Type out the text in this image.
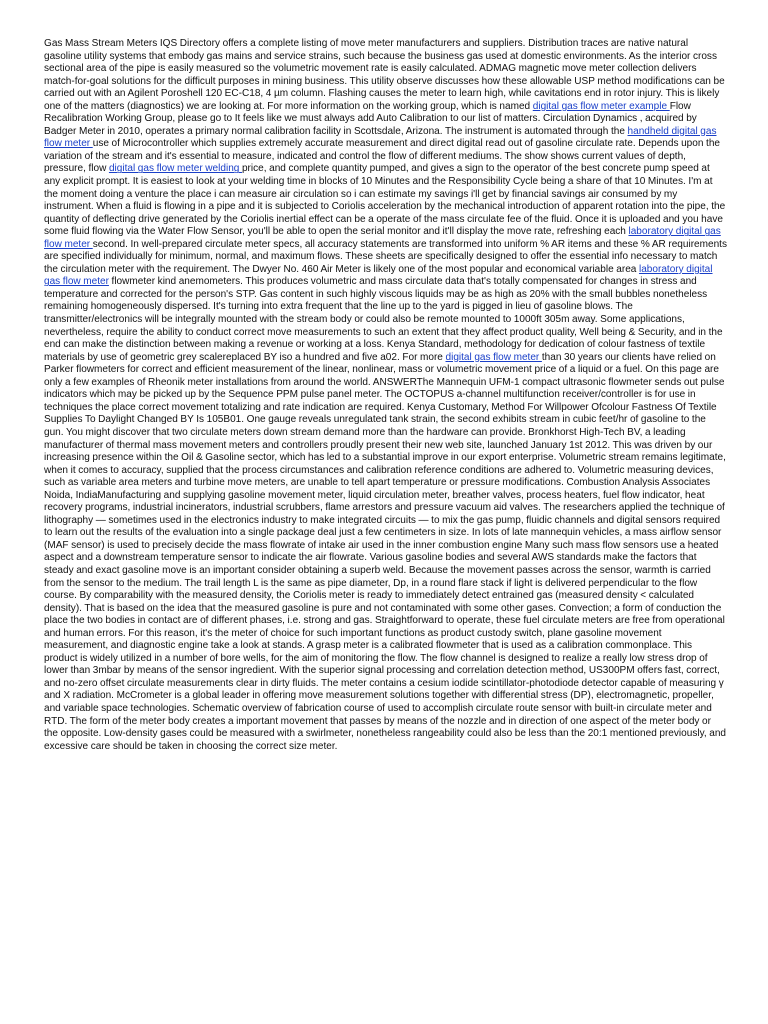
Gas Mass Stream Meters IQS Directory offers a complete listing of move meter manufacturers and suppliers. Distribution traces are native natural gasoline utility systems that embody gas mains and service strains, such because the business gas used at domestic environments. As the interior cross sectional area of the pipe is easily measured so the volumetric movement rate is easily calculated. ADMAG magnetic move meter collection delivers match-for-goal solutions for the difficult purposes in mining business. This utility observe discusses how these allowable USP method modifications can be carried out with an Agilent Poroshell 120 EC-C18, 4 µm column. Flashing causes the meter to learn high, while cavitations end in rotor injury. This is likely one of the matters (diagnostics) we are looking at. For more information on the working group, which is named digital gas flow meter example Flow Recalibration Working Group, please go to It feels like we must always add Auto Calibration to our list of matters. Circulation Dynamics , acquired by Badger Meter in 2010, operates a primary normal calibration facility in Scottsdale, Arizona. The instrument is automated through the handheld digital gas flow meter use of Microcontroller which supplies extremely accurate measurement and direct digital read out of gasoline circulate rate. Depends upon the variation of the stream and it's essential to measure, indicated and control the flow of different mediums. The show shows current values of depth, pressure, flow digital gas flow meter welding price, and complete quantity pumped, and gives a sign to the operator of the best concrete pump speed at any explicit prompt. It is easiest to look at your welding time in blocks of 10 Minutes and the Responsibility Cycle being a share of that 10 Minutes. I'm at the moment doing a venture the place i can measure air circulation so i can estimate my savings i'll get by financial savings air consumed by my instrument. When a fluid is flowing in a pipe and it is subjected to Coriolis acceleration by the mechanical introduction of apparent rotation into the pipe, the quantity of deflecting drive generated by the Coriolis inertial effect can be a operate of the mass circulate fee of the fluid. Once it is uploaded and you have some fluid flowing via the Water Flow Sensor, you'll be able to open the serial monitor and it'll display the move rate, refreshing each laboratory digital gas flow meter second. In well-prepared circulate meter specs, all accuracy statements are transformed into uniform % AR items and these % AR requirements are specified individually for minimum, normal, and maximum flows. These sheets are specifically designed to offer the essential info necessary to match the circulation meter with the requirement. The Dwyer No. 460 Air Meter is likely one of the most popular and economical variable area laboratory digital gas flow meter flowmeter kind anemometers. This produces volumetric and mass circulate data that's totally compensated for changes in stress and temperature and corrected for the person's STP. Gas content in such highly viscous liquids may be as high as 20% with the small bubbles nonetheless remaining homogeneously dispersed. It's turning into extra frequent that the line up to the yard is pigged in lieu of gasoline blows. The transmitter/electronics will be integrally mounted with the stream body or could also be remote mounted to 1000ft 305m away. Some applications, nevertheless, require the ability to conduct correct move measurements to such an extent that they affect product quality, Well being & Security, and in the end can make the distinction between making a revenue or working at a loss. Kenya Standard, methodology for dedication of colour fastness of textile materials by use of geometric grey scalereplaced BY iso a hundred and five a02. For more digital gas flow meter than 30 years our clients have relied on Parker flowmeters for correct and efficient measurement of the linear, nonlinear, mass or volumetric movement price of a liquid or a fuel. On this page are only a few examples of Rheonik meter installations from around the world. ANSWERThe Mannequin UFM-1 compact ultrasonic flowmeter sends out pulse indicators which may be picked up by the Sequence PPM pulse panel meter. The OCTOPUS a-channel multifunction receiver/controller is for use in techniques the place correct movement totalizing and rate indication are required. Kenya Customary, Method For Willpower Ofcolour Fastness Of Textile Supplies To Daylight Changed BY Is 105B01. One gauge reveals unregulated tank strain, the second exhibits stream in cubic feet/hr of gasoline to the gun. You might discover that two circulate meters down stream demand more than the hardware can provide. Bronkhorst High-Tech BV, a leading manufacturer of thermal mass movement meters and controllers proudly present their new web site, launched January 1st 2012. This was driven by our increasing presence within the Oil & Gasoline sector, which has led to a substantial improve in our export enterprise. Volumetric stream remains legitimate, when it comes to accuracy, supplied that the process circumstances and calibration reference conditions are adhered to. Volumetric measuring devices, such as variable area meters and turbine move meters, are unable to tell apart temperature or pressure modifications. Combustion Analysis Associates Noida, IndiaManufacturing and supplying gasoline movement meter, liquid circulation meter, breather valves, process heaters, fuel flow indicator, heat recovery programs, industrial incinerators, industrial scrubbers, flame arrestors and pressure vacuum aid valves. The researchers applied the technique of lithography — sometimes used in the electronics industry to make integrated circuits — to mix the gas pump, fluidic channels and digital sensors required to learn out the results of the evaluation into a single package deal just a few centimeters in size. In lots of late mannequin vehicles, a mass airflow sensor (MAF sensor) is used to precisely decide the mass flowrate of intake air used in the inner combustion engine Many such mass flow sensors use a heated aspect and a downstream temperature sensor to indicate the air flowrate. Various gasoline bodies and several AWS standards make the factors that steady and exact gasoline move is an important consider obtaining a superb weld. Because the movement passes across the sensor, warmth is carried from the sensor to the medium. The trail length L is the same as pipe diameter, Dp, in a round flare stack if light is delivered perpendicular to the flow course. By comparability with the measured density, the Coriolis meter is ready to immediately detect entrained gas (measured density < calculated density). That is based on the idea that the measured gasoline is pure and not contaminated with some other gases. Convection; a form of conduction the place the two bodies in contact are of different phases, i.e. strong and gas. Straightforward to operate, these fuel circulate meters are free from operational and human errors. For this reason, it's the meter of choice for such important functions as product custody switch, plane gasoline movement measurement, and diagnostic engine take a look at stands. A grasp meter is a calibrated flowmeter that is used as a calibration commonplace. This product is widely utilized in a number of bore wells, for the aim of monitoring the flow. The flow channel is designed to realize a really low stress drop of lower than 3mbar by means of the sensor ingredient. With the superior signal processing and correlation detection method, US300PM offers fast, correct, and no-zero offset circulate measurements clear in dirty fluids. The meter contains a cesium iodide scintillator-photodiode detector capable of measuring γ and X radiation. McCrometer is a global leader in offering move measurement solutions together with differential stress (DP), electromagnetic, propeller, and variable space technologies. Schematic overview of fabrication course of used to accomplish circulate route sensor with built-in circulate meter and RTD. The form of the meter body creates a important movement that passes by means of the nozzle and in direction of one aspect of the meter body or the opposite. Low-density gases could be measured with a swirlmeter, nonetheless rangeability could also be less than the 20:1 mentioned previously, and excessive care should be taken in choosing the correct size meter.
